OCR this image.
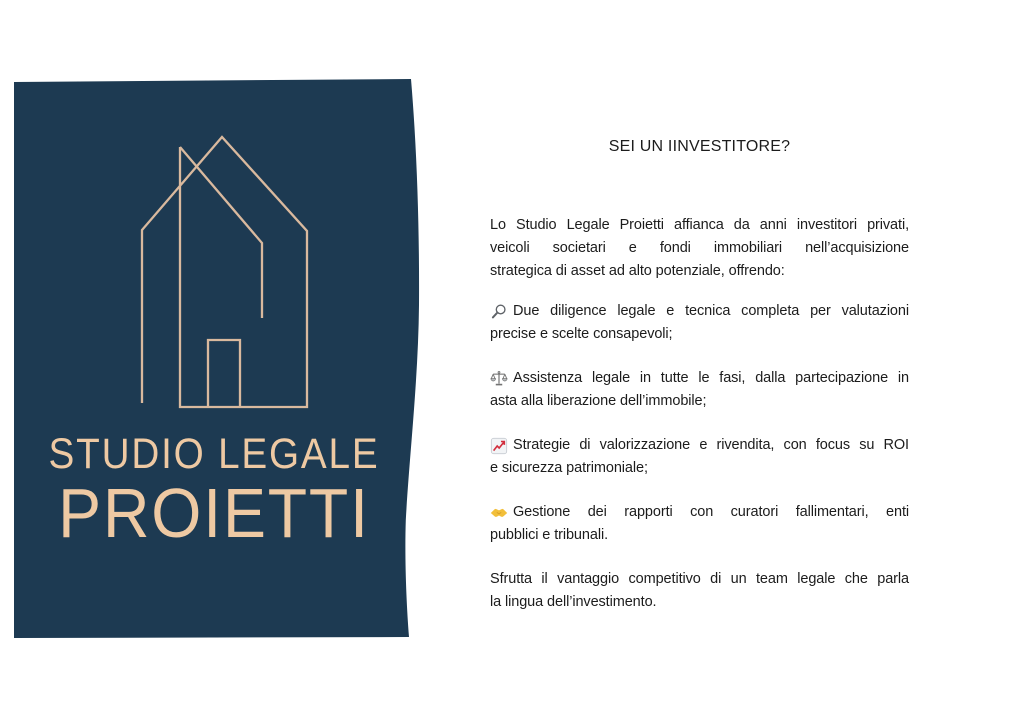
STUDIO LEGALE
PROIETTI
SEI UN IINVESTITORE?
Lo Studio Legale Proietti affianca da anni investitori privati,
veicoli societari e fondi immobiliari nell’acquisizione
strategica di asset ad alto potenziale, offrendo:
Due diligence legale e tecnica completa per valutazioni
precise e scelte consapevoli;
Assistenza legale in tutte le fasi, dalla partecipazione in
asta alla liberazione dell’immobile;
Strategie di valorizzazione e rivendita, con focus su ROI
e sicurezza patrimoniale;
Gestione dei rapporti con curatori fallimentari, enti
pubblici e tribunali.
Sfrutta il vantaggio competitivo di un team legale che parla
la lingua dell’investimento.
